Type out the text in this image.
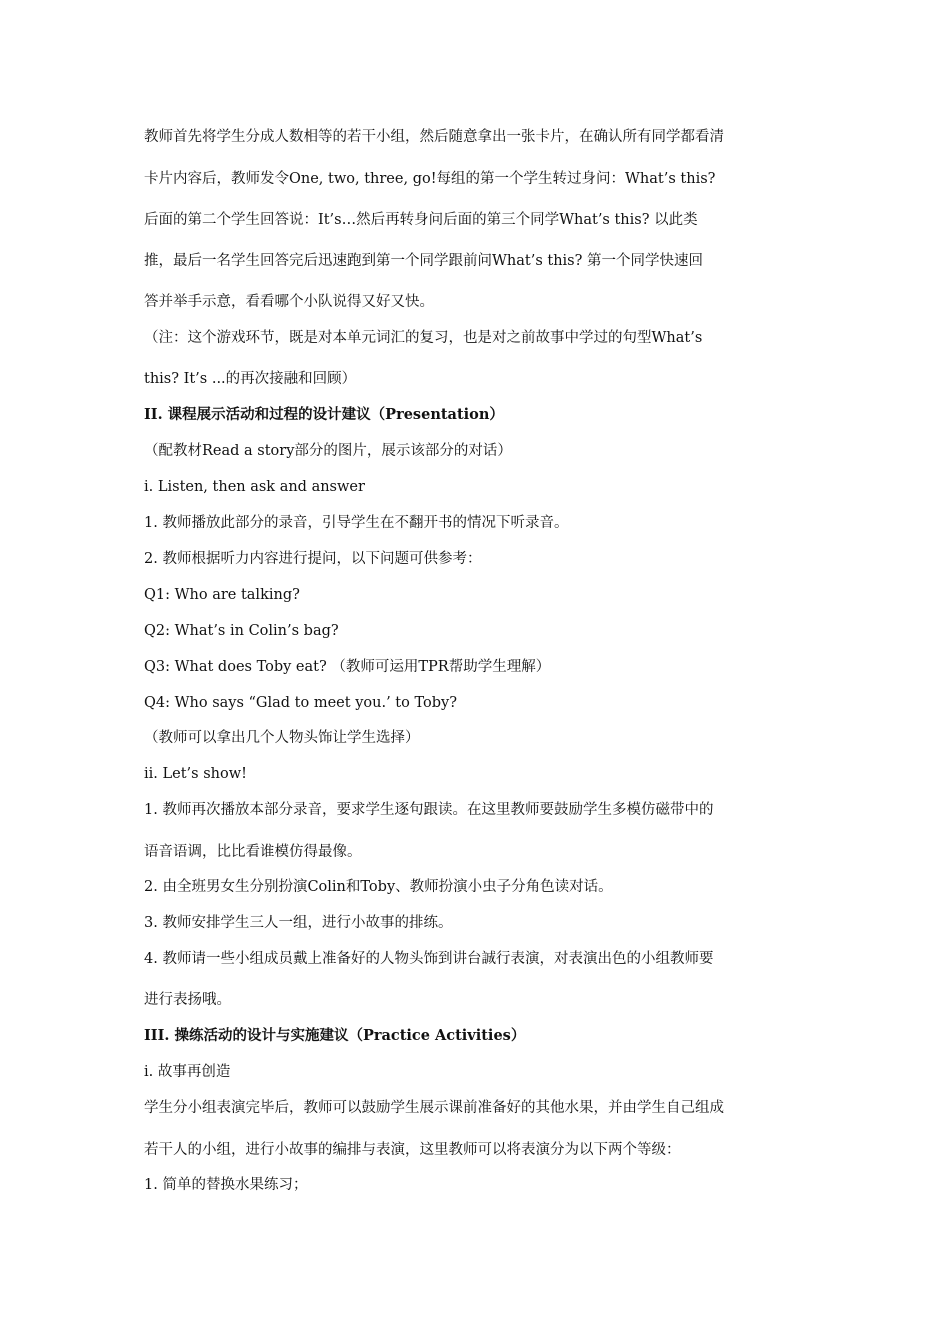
教师首先将学生分成人数相等的若干小组，然后随意拿出一张卡片，在确认所有同学都看清
卡片内容后，教师发令One, two, three, go!每组的第一个学生转过身问：What’s this?
后面的第二个学生回答说：It’s…然后再转身问后面的第三个同学What’s this? 以此类
推，最后一名学生回答完后迅速跑到第一个同学跟前问What’s this? 第一个同学快速回
答并举手示意，看看哪个小队说得又好又快。
（注：这个游戏环节，既是对本单元词汇的复习，也是对之前故事中学过的句型What’s
this? It’s ...的再次接融和回顾）
II. 课程展示活动和过程的设计建议（Presentation）
（配教材Read a story部分的图片，展示该部分的对话）
i. Listen, then ask and answer
1. 教师播放此部分的录音，引导学生在不翻开书的情况下听录音。
2. 教师根据听力内容进行提问，以下问题可供参考：
Q1: Who are talking?
Q2: What’s in Colin’s bag?
Q3: What does Toby eat? （教师可运用TPR帮助学生理解）
Q4: Who says “Glad to meet you.’ to Toby?
（教师可以拿出几个人物头饰让学生选择）
ii. Let’s show!
1. 教师再次播放本部分录音，要求学生逐句跟读。在这里教师要鼓励学生多模仿磁带中的
语音语调，比比看谁模仿得最像。
2. 由全班男女生分别扮演Colin和Toby、教师扮演小虫子分角色读对话。
3. 教师安排学生三人一组，进行小故事的排练。
4. 教师请一些小组成员戴上准备好的人物头饰到讲台誠行表演，对表演出色的小组教师要
进行表扬哦。
III. 操练活动的设计与实施建议（Practice Activities）
i. 故事再创造
学生分小组表演完毕后，教师可以鼓励学生展示课前准备好的其他水果，并由学生自己组成
若干人的小组，进行小故事的编排与表演，这里教师可以将表演分为以下两个等级：
1. 简单的替换水果练习；
